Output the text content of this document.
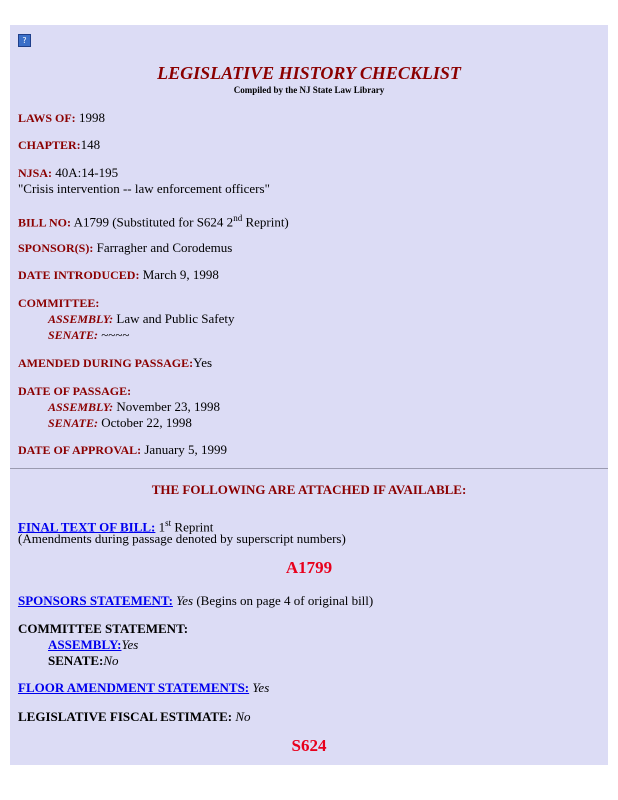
?
LEGISLATIVE HISTORY CHECKLIST
Compiled by the NJ State Law Library
LAWS OF: 1998
CHAPTER:148
NJSA: 40A:14-195
"Crisis intervention -- law enforcement officers"
BILL NO: A1799 (Substituted for S624 2nd Reprint)
SPONSOR(S): Farragher and Corodemus
DATE INTRODUCED: March 9, 1998
COMMITTEE:
ASSEMBLY: Law and Public Safety
SENATE: ~~~~
AMENDED DURING PASSAGE:Yes
DATE OF PASSAGE:
ASSEMBLY: November 23, 1998
SENATE: October 22, 1998
DATE OF APPROVAL: January 5, 1999
THE FOLLOWING ARE ATTACHED IF AVAILABLE:
FINAL TEXT OF BILL: 1st Reprint
(Amendments during passage denoted by superscript numbers)
A1799
SPONSORS STATEMENT: Yes (Begins on page 4 of original bill)
COMMITTEE STATEMENT:
ASSEMBLY:Yes
SENATE:No
FLOOR AMENDMENT STATEMENTS: Yes
LEGISLATIVE FISCAL ESTIMATE: No
S624
